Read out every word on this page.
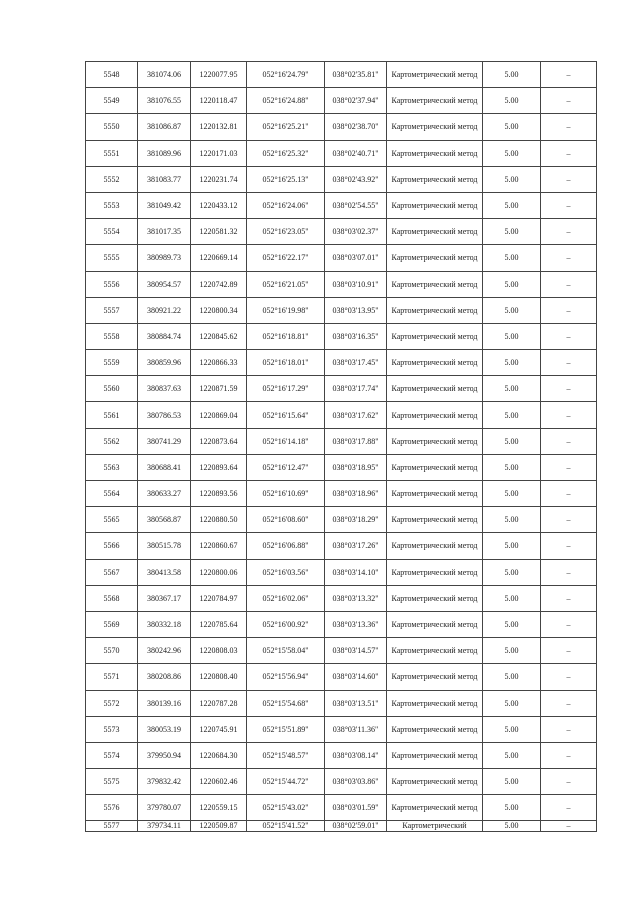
5548	381074.06	1220077.95	052°16'24.79"	038°02'35.81"	Картометрический метод	5.00	–
5549	381076.55	1220118.47	052°16'24.88"	038°02'37.94"	Картометрический метод	5.00	–
5550	381086.87	1220132.81	052°16'25.21"	038°02'38.70"	Картометрический метод	5.00	–
5551	381089.96	1220171.03	052°16'25.32"	038°02'40.71"	Картометрический метод	5.00	–
5552	381083.77	1220231.74	052°16'25.13"	038°02'43.92"	Картометрический метод	5.00	–
5553	381049.42	1220433.12	052°16'24.06"	038°02'54.55"	Картометрический метод	5.00	–
5554	381017.35	1220581.32	052°16'23.05"	038°03'02.37"	Картометрический метод	5.00	–
5555	380989.73	1220669.14	052°16'22.17"	038°03'07.01"	Картометрический метод	5.00	–
5556	380954.57	1220742.89	052°16'21.05"	038°03'10.91"	Картометрический метод	5.00	–
5557	380921.22	1220800.34	052°16'19.98"	038°03'13.95"	Картометрический метод	5.00	–
5558	380884.74	1220845.62	052°16'18.81"	038°03'16.35"	Картометрический метод	5.00	–
5559	380859.96	1220866.33	052°16'18.01"	038°03'17.45"	Картометрический метод	5.00	–
5560	380837.63	1220871.59	052°16'17.29"	038°03'17.74"	Картометрический метод	5.00	–
5561	380786.53	1220869.04	052°16'15.64"	038°03'17.62"	Картометрический метод	5.00	–
5562	380741.29	1220873.64	052°16'14.18"	038°03'17.88"	Картометрический метод	5.00	–
5563	380688.41	1220893.64	052°16'12.47"	038°03'18.95"	Картометрический метод	5.00	–
5564	380633.27	1220893.56	052°16'10.69"	038°03'18.96"	Картометрический метод	5.00	–
5565	380568.87	1220880.50	052°16'08.60"	038°03'18.29"	Картометрический метод	5.00	–
5566	380515.78	1220860.67	052°16'06.88"	038°03'17.26"	Картометрический метод	5.00	–
5567	380413.58	1220800.06	052°16'03.56"	038°03'14.10"	Картометрический метод	5.00	–
5568	380367.17	1220784.97	052°16'02.06"	038°03'13.32"	Картометрический метод	5.00	–
5569	380332.18	1220785.64	052°16'00.92"	038°03'13.36"	Картометрический метод	5.00	–
5570	380242.96	1220808.03	052°15'58.04"	038°03'14.57"	Картометрический метод	5.00	–
5571	380208.86	1220808.40	052°15'56.94"	038°03'14.60"	Картометрический метод	5.00	–
5572	380139.16	1220787.28	052°15'54.68"	038°03'13.51"	Картометрический метод	5.00	–
5573	380053.19	1220745.91	052°15'51.89"	038°03'11.36"	Картометрический метод	5.00	–
5574	379950.94	1220684.30	052°15'48.57"	038°03'08.14"	Картометрический метод	5.00	–
5575	379832.42	1220602.46	052°15'44.72"	038°03'03.86"	Картометрический метод	5.00	–
5576	379780.07	1220559.15	052°15'43.02"	038°03'01.59"	Картометрический метод	5.00	–
5577	379734.11	1220509.87	052°15'41.52"	038°02'59.01"	Картометрический	5.00	–
